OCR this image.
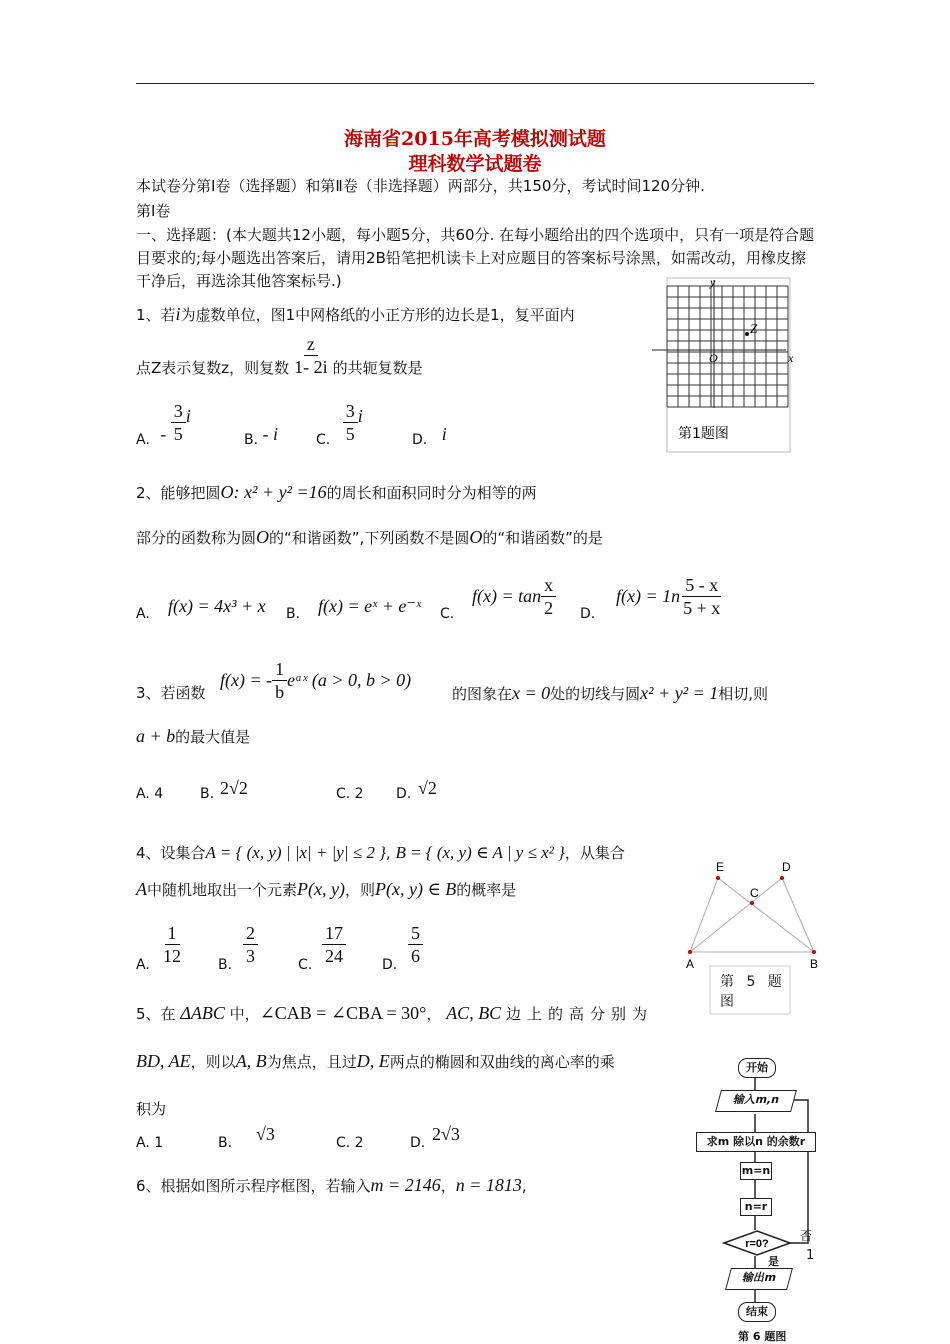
海南省2015年高考模拟测试题
理科数学试题卷
本试卷分第Ⅰ卷（选择题）和第Ⅱ卷（非选择题）两部分，共150分，考试时间120分钟.
第Ⅰ卷
一、选择题：(本大题共12小题，每小题5分，共60分. 在每小题给出的四个选项中，只有一项是符合题目要求的;每小题选出答案后，请用2B铅笔把机读卡上对应题目的答案标号涂黑，如需改动，用橡皮擦干净后，再选涂其他答案标号.)
1、若i为虚数单位，图1中网格纸的小正方形的边长是1，复平面内
点Z表示复数z，则复数 $\frac{z}{1- 2i}$ 的共轭复数是
A. - $\frac{3}{5}$ i
B. - i	C. $\frac{3}{5}$ i
D. i
x
y
O
Z
第1题图
2、能够把圆O: x² + y² =16的周长和面积同时分为相等的两
部分的函数称为圆O的“和谐函数”,下列函数不是圆O的“和谐函数”的是
A. f(x) = 4x³ + x B. f(x) = eˣ + e⁻ˣ C.
$f(x) = \tan \frac{x}{2} D$.
$f(x) = 1n \frac{5 - x}{5 + x}$
3、若函数
f(x) = - $\frac{1}{b}$ eᵃˣ (a > 0, b > 0)
的图象在x = 0处的切线与圆x² + y² = 1相切,则
a + b的最大值是
A. 4	B. 2√2	C. 2 D. √2
4、设集合A = { (x, y) | |x| + |y| ≤ 2 }, B = { (x, y) ∈ A | y ≤ x² }，从集合
A中随机地取出一个元素P(x, y)，则P(x, y) ∈ B的概率是
A. $\frac{1}{12} B$. $\frac{2}{3}$	C. $\frac{17}{24}$	D. $\frac{5}{6}$
E	D
C
A	B
第 5 题图
5、在 ΔABC 中，∠CAB = ∠CBA = 30°， AC, BC 边上的高分别为
BD, AE，则以A, B为焦点，且过D, E两点的椭圆和双曲线的离心率的乘
积为
A. 1	B. √3	C. 2	D. 2√3
6、根据如图所示程序框图，若输入m = 2146，n = 1813,
开始
输入m,n
求m 除以n 的余数r
m=n
n=r
r=0?
是
否
输出m
结束
第 6 题图
1
